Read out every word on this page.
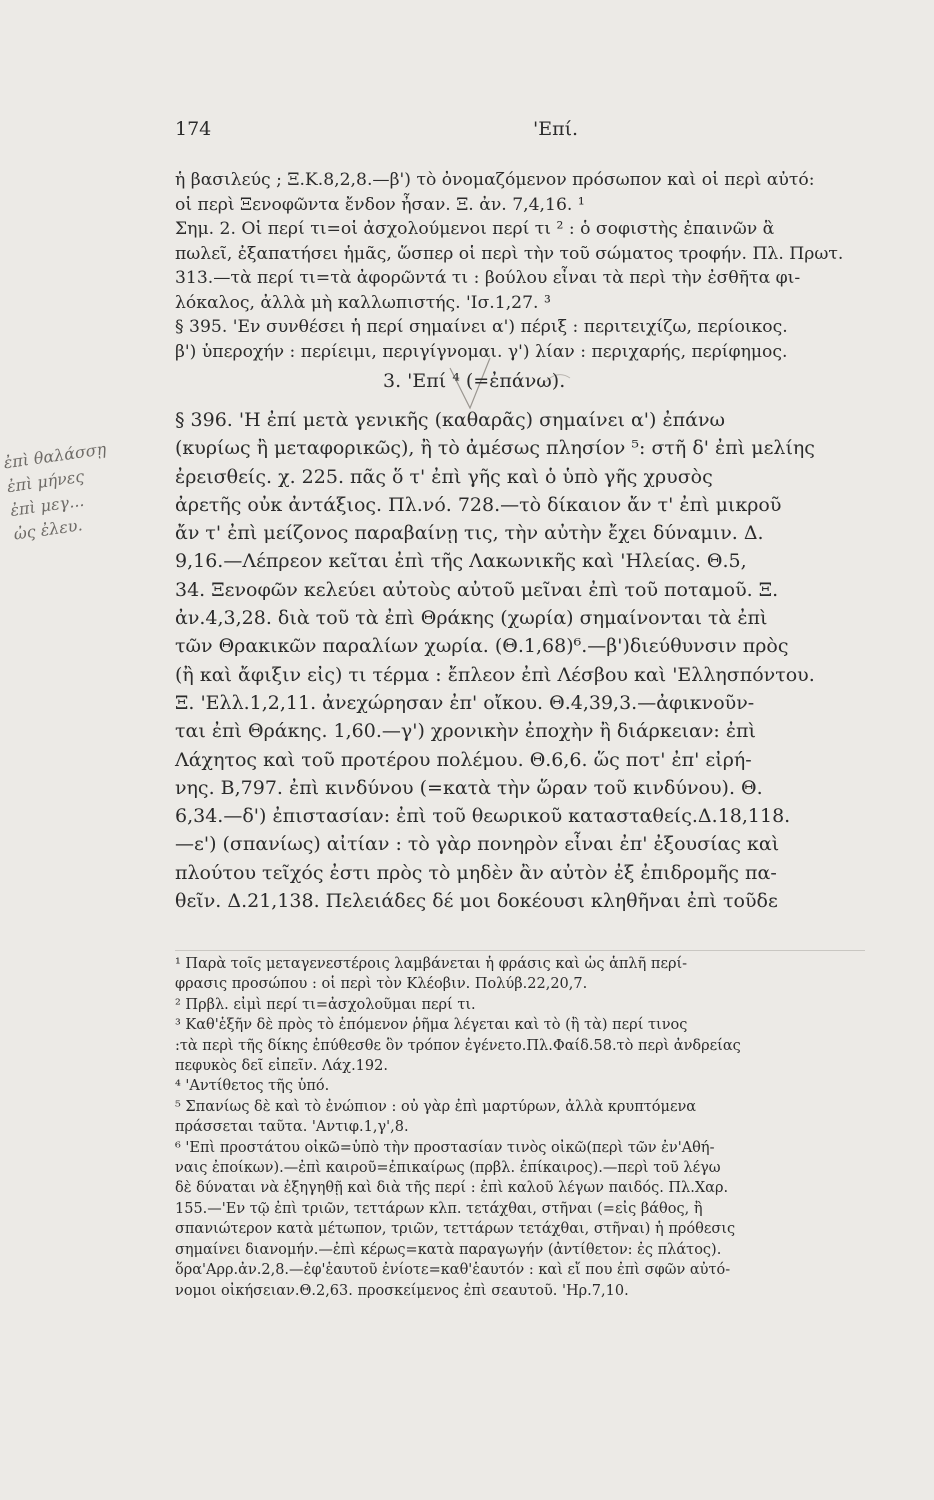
174	'Επί.
ἡ βασιλεύς ; Ξ.Κ.8,2,8.—β') τὸ ὀνομαζόμενον πρόσωπον καὶ οἱ περὶ αὐτό:
οἱ περὶ Ξενοφῶντα ἔνδον ἦσαν. Ξ. ἀν. 7,4,16. ¹
Σημ. 2. Οἱ περί τι=οἱ ἀσχολούμενοι περί τι ² : ὁ σοφιστὴς ἐπαινῶν ἃ
πωλεῖ, ἐξαπατήσει ἡμᾶς, ὥσπερ οἱ περὶ τὴν τοῦ σώματος τροφήν. Πλ. Πρωτ.
313.—τὰ περί τι=τὰ ἀφορῶντά τι : βούλου εἶναι τὰ περὶ τὴν ἐσθῆτα φι-
λόκαλος, ἀλλὰ μὴ καλλωπιστής. 'Ισ.1,27. ³
§ 395. 'Εν συνθέσει ἡ περί σημαίνει α') πέριξ : περιτειχίζω, περίοικος.
β') ὑπεροχήν : περίειμι, περιγίγνομαι. γ') λίαν : περιχαρής, περίφημος.
3. 'Επί ⁴ (=ἐπάνω).
§ 396. 'Η ἐπί μετὰ γενικῆς (καθαρᾶς) σημαίνει α') ἐπάνω
(κυρίως ἢ μεταφορικῶς), ἢ τὸ ἀμέσως πλησίον ⁵: στῆ δ' ἐπὶ μελίης ἐρεισθείς. χ. 225. πᾶς ὅ τ' ἐπὶ γῆς καὶ ὁ ὑπὸ γῆς χρυσὸς
ἀρετῆς οὐκ ἀντάξιος. Πλ.νό. 728.—τὸ δίκαιον ἄν τ' ἐπὶ μικροῦ
ἄν τ' ἐπὶ μείζονος παραβαίνῃ τις, τὴν αὐτὴν ἔχει δύναμιν. Δ.
9,16.—Λέπρεον κεῖται ἐπὶ τῆς Λακωνικῆς καὶ 'Ηλείας. Θ.5,
34. Ξενοφῶν κελεύει αὐτοὺς αὐτοῦ μεῖναι ἐπὶ τοῦ ποταμοῦ. Ξ.
ἀν.4,3,28. διὰ τοῦ τὰ ἐπὶ Θράκης (χωρία) σημαίνονται τὰ ἐπὶ
τῶν Θρακικῶν παραλίων χωρία. (Θ.1,68)⁶.—β')διεύθυνσιν πρὸς
(ἢ καὶ ἄφιξιν εἰς) τι τέρμα : ἔπλεον ἐπὶ Λέσβου καὶ 'Ελλησπόντου.
Ξ. 'Ελλ.1,2,11. ἀνεχώρησαν ἐπ' οἴκου. Θ.4,39,3.—ἀφικνοῦν-
ται ἐπὶ Θράκης. 1,60.—γ') χρονικὴν ἐποχὴν ἢ διάρκειαν: ἐπὶ
Λάχητος καὶ τοῦ προτέρου πολέμου. Θ.6,6. ὥς ποτ' ἐπ' εἰρή-
νης. Β,797. ἐπὶ κινδύνου (=κατὰ τὴν ὥραν τοῦ κινδύνου). Θ.
6,34.—δ') ἐπιστασίαν: ἐπὶ τοῦ θεωρικοῦ κατασταθείς.Δ.18,118.
—ε') (σπανίως) αἰτίαν : τὸ γὰρ πονηρὸν εἶναι ἐπ' ἐξουσίας καὶ
πλούτου τεῖχός ἐστι πρὸς τὸ μηδὲν ἂν αὐτὸν ἐξ ἐπιδρομῆς πα-
θεῖν. Δ.21,138. Πελειάδες δέ μοι δοκέουσι κληθῆναι ἐπὶ τοῦδε
¹ Παρὰ τοῖς μεταγενεστέροις λαμβάνεται ἡ φράσις καὶ ὡς ἁπλῆ περί-
φρασις προσώπου : οἱ περὶ τὸν Κλέοβιν. Πολύβ.22,20,7.
² Πρβλ. εἰμὶ περί τι=ἀσχολοῦμαι περί τι.
³ Καθ'ἑξῆν δὲ πρὸς τὸ ἑπόμενον ῥῆμα λέγεται καὶ τὸ (ἢ τὰ) περί τινος
:τὰ περὶ τῆς δίκης ἐπύθεσθε ὃν τρόπον ἐγένετο.Πλ.Φαίδ.58.τὸ περὶ ἀνδρείας
πεφυκὸς δεῖ εἰπεῖν. Λάχ.192.
⁴ 'Αντίθετος τῆς ὑπό.
⁵ Σπανίως δὲ καὶ τὸ ἐνώπιον : οὐ γὰρ ἐπὶ μαρτύρων, ἀλλὰ κρυπτόμενα
πράσσεται ταῦτα. 'Αντιφ.1,γ',8.
⁶ 'Επὶ προστάτου οἰκῶ=ὑπὸ τὴν προστασίαν τινὸς οἰκῶ(περὶ τῶν ἐν'Αθή-
ναις ἐποίκων).—ἐπὶ καιροῦ=ἐπικαίρως (πρβλ. ἐπίκαιρος).—περὶ τοῦ λέγω
δὲ δύναται νὰ ἐξηγηθῇ καὶ διὰ τῆς περί : ἐπὶ καλοῦ λέγων παιδός. Πλ.Χαρ.
155.—'Εν τῷ ἐπὶ τριῶν, τεττάρων κλπ. τετάχθαι, στῆναι (=εἰς βάθος, ἢ
σπανιώτερον κατὰ μέτωπον, τριῶν, τεττάρων τετάχθαι, στῆναι) ἡ πρόθεσις
σημαίνει διανομήν.—ἐπὶ κέρως=κατὰ παραγωγήν (ἀντίθετον: ἐς πλάτος).
ὅρα'Αρρ.ἀν.2,8.—ἐφ'ἑαυτοῦ ἐνίοτε=καθ'ἑαυτόν : καὶ εἴ που ἐπὶ σφῶν αὐτό-
νομοι οἰκήσειαν.Θ.2,63. προσκείμενος ἐπὶ σεαυτοῦ. 'Ηρ.7,10.
ἐπὶ θαλάσσῃ
ἐπὶ μήνες
ἐπὶ μεγ...
ὠς ἐλευ.
